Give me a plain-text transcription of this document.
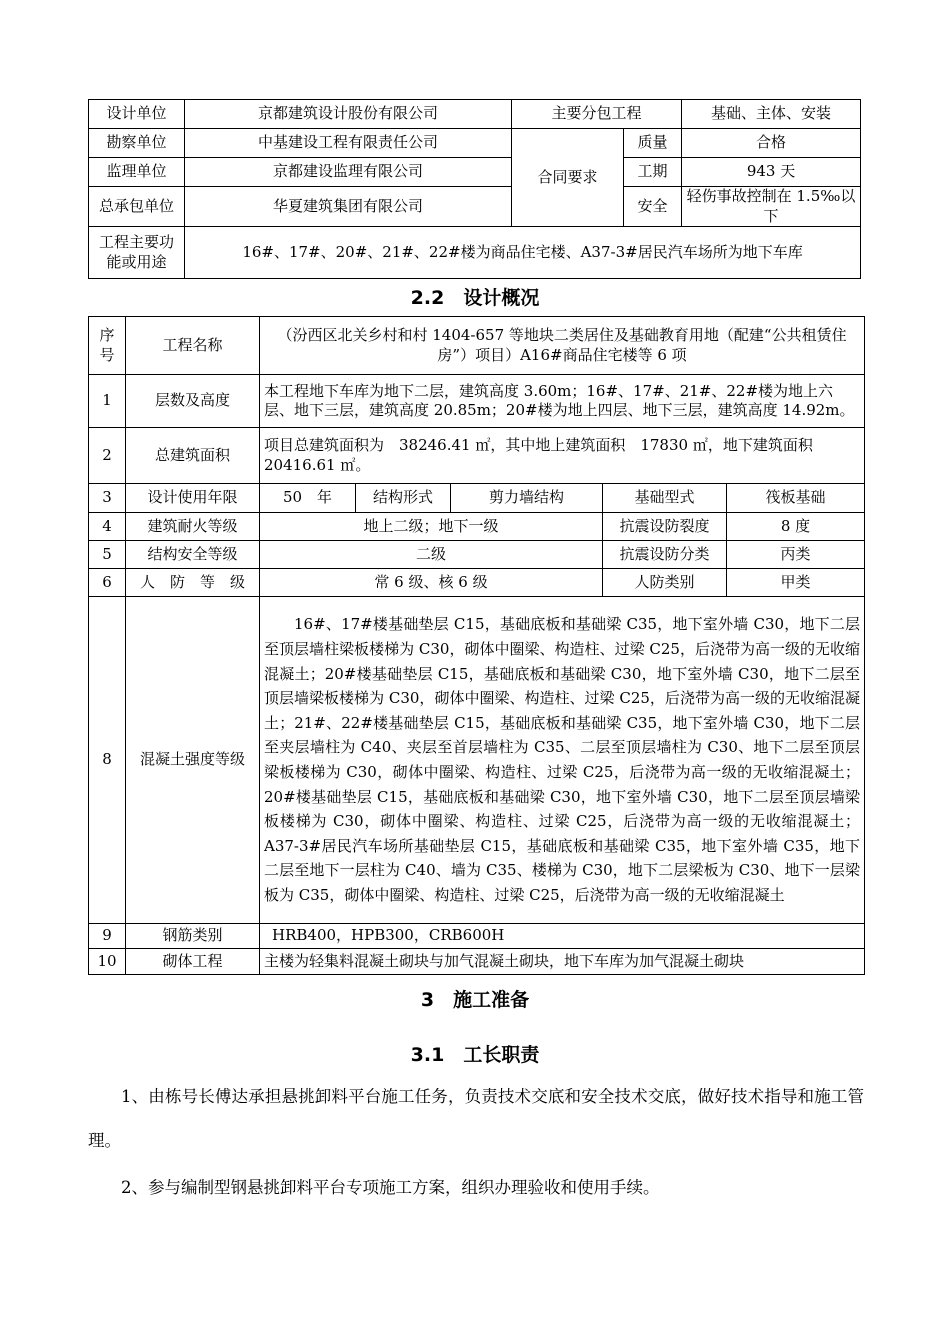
设计单位	京都建筑设计股份有限公司	主要分包工程		基础、主体、安装
勘察单位	中基建设工程有限责任公司	合同要求	质量	合格
监理单位	京都建设监理有限公司		工期	943 天
总承包单位	华夏建筑集团有限公司		安全	轻伤事故控制在 1.5‰以下
工程主要功能或用途	16#、17#、20#、21#、22#楼为商品住宅楼、A37-3#居民汽车场所为地下车库			
2.2　设计概况
序号	工程名称	（汾西区北关乡村和村 1404-657 等地块二类居住及基础教育用地（配建“公共租赁住房”）项目）A16#商品住宅楼等 6 项				
1	层数及高度	本工程地下车库为地下二层，建筑高度 3.60m；16#、17#、21#、22#楼为地上六层、地下三层，建筑高度 20.85m；20#楼为地上四层、地下三层，建筑高度 14.92m。				
2	总建筑面积	项目总建筑面积为　38246.41 ㎡，其中地上建筑面积　17830 ㎡，地下建筑面积 20416.61 ㎡。				
3	设计使用年限	50　年	结构形式	剪力墙结构	基础型式	筏板基础
4	建筑耐火等级	地上二级；地下一级			抗震设防裂度	8 度
5	结构安全等级	二级			抗震设防分类	丙类
6	人　防　等　级	常 6 级、核 6 级			人防类别	甲类
8	混凝土强度等级	16#、17#楼基础垫层 C15，基础底板和基础梁 C35，地下室外墙 C30，地下二层至顶层墙柱梁板楼梯为 C30，砌体中圈梁、构造柱、过梁 C25，后浇带为高一级的无收缩混凝土；20#楼基础垫层 C15，基础底板和基础梁 C30，地下室外墙 C30，地下二层至顶层墙梁板楼梯为 C30，砌体中圈梁、构造柱、过梁 C25，后浇带为高一级的无收缩混凝土；21#、22#楼基础垫层 C15，基础底板和基础梁 C35，地下室外墙 C30，地下二层至夹层墙柱为 C40、夹层至首层墙柱为 C35、二层至顶层墙柱为 C30、地下二层至顶层梁板楼梯为 C30，砌体中圈梁、构造柱、过梁 C25，后浇带为高一级的无收缩混凝土；20#楼基础垫层 C15，基础底板和基础梁 C30，地下室外墙 C30，地下二层至顶层墙梁板楼梯为 C30，砌体中圈梁、构造柱、过梁 C25，后浇带为高一级的无收缩混凝土；A37-3#居民汽车场所基础垫层 C15，基础底板和基础梁 C35，地下室外墙 C35，地下二层至地下一层柱为 C40、墙为 C35、楼梯为 C30，地下二层梁板为 C30、地下一层梁板为 C35，砌体中圈梁、构造柱、过梁 C25，后浇带为高一级的无收缩混凝土				
9	钢筋类别	HRB400，HPB300，CRB600H				
10	砌体工程	主楼为轻集料混凝土砌块与加气混凝土砌块，地下车库为加气混凝土砌块				
3　施工准备
3.1　工长职责
1、由栋号长傅达承担悬挑卸料平台施工任务，负责技术交底和安全技术交底，做好技术指导和施工管理。
2、参与编制型钢悬挑卸料平台专项施工方案，组织办理验收和使用手续。
